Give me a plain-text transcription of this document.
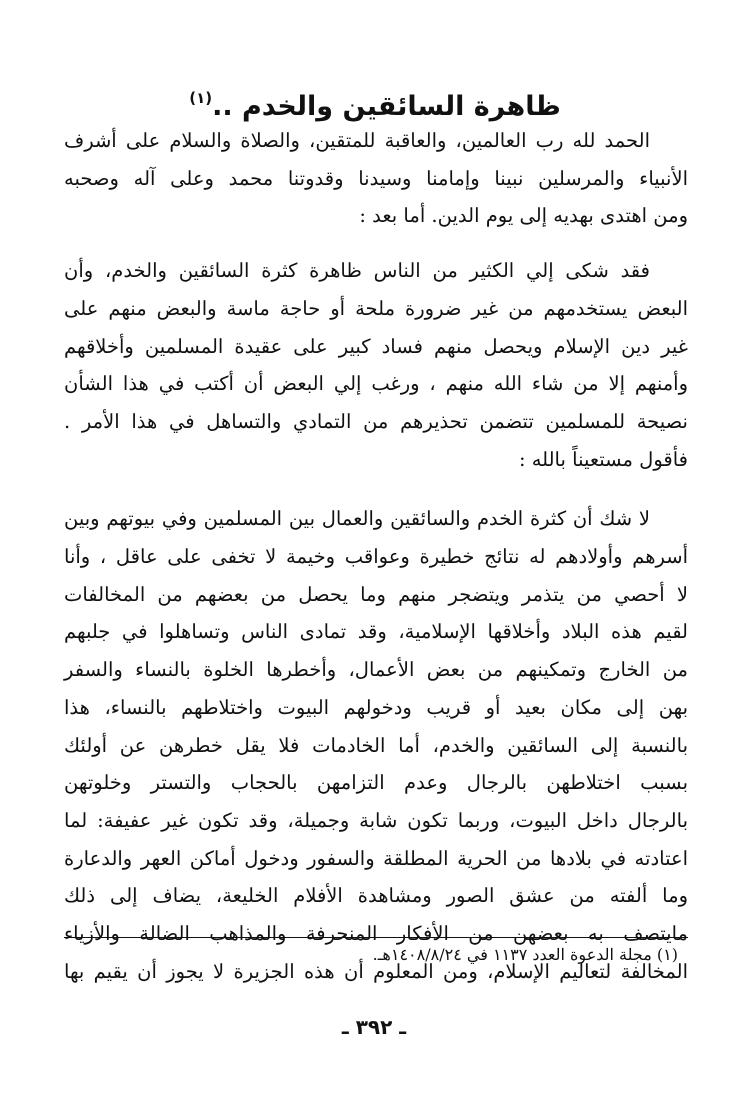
ظاهرة السائقين والخدم ..$^{(١)}$
الحمد لله رب العالمين، والعاقبة للمتقين، والصلاة والسلام على أشرف
الأنبياء والمرسلين نبينا وإمامنا وسيدنا وقدوتنا محمد وعلى آله وصحبه
ومن اهتدى بهديه إلى يوم الدين. أما بعد :
فقد شكى إلي الكثير من الناس ظاهرة كثرة السائقين والخدم، وأن
البعض يستخدمهم من غير ضرورة ملحة أو حاجة ماسة والبعض منهم على
غير دين الإسلام ويحصل منهم فساد كبير على عقيدة المسلمين وأخلاقهم
وأمنهم إلا من شاء الله منهم ، ورغب إلي البعض أن أكتب في هذا الشأن
نصيحة للمسلمين تتضمن تحذيرهم من التمادي والتساهل في هذا الأمر .
فأقول مستعيناً بالله :
لا شك أن كثرة الخدم والسائقين والعمال بين المسلمين وفي بيوتهم وبين
أسرهم وأولادهم له نتائج خطيرة وعواقب وخيمة لا تخفى على عاقل ، وأنا
لا أحصي من يتذمر ويتضجر منهم وما يحصل من بعضهم من المخالفات
لقيم هذه البلاد وأخلاقها الإسلامية، وقد تمادى الناس وتساهلوا في جلبهم
من الخارج وتمكينهم من بعض الأعمال، وأخطرها الخلوة بالنساء والسفر
بهن إلى مكان بعيد أو قريب ودخولهم البيوت واختلاطهم بالنساء، هذا
بالنسبة إلى السائقين والخدم، أما الخادمات فلا يقل خطرهن عن أولئك
بسبب اختلاطهن بالرجال وعدم التزامهن بالحجاب والتستر وخلوتهن
بالرجال داخل البيوت، وربما تكون شابة وجميلة، وقد تكون غير عفيفة: لما
اعتادته في بلادها من الحرية المطلقة والسفور ودخول أماكن العهر والدعارة
وما ألفته من عشق الصور ومشاهدة الأفلام الخليعة، يضاف إلى ذلك
مايتصف به بعضهن من الأفكار المنحرفة والمذاهب الضالة والأزياء
المخالفة لتعاليم الإسلام، ومن المعلوم أن هذه الجزيرة لا يجوز أن يقيم بها
(١) مجلة الدعوة العدد ١١٣٧ في ١٤٠٨/٨/٢٤هـ.
ـ ٣٩٢ ـ
